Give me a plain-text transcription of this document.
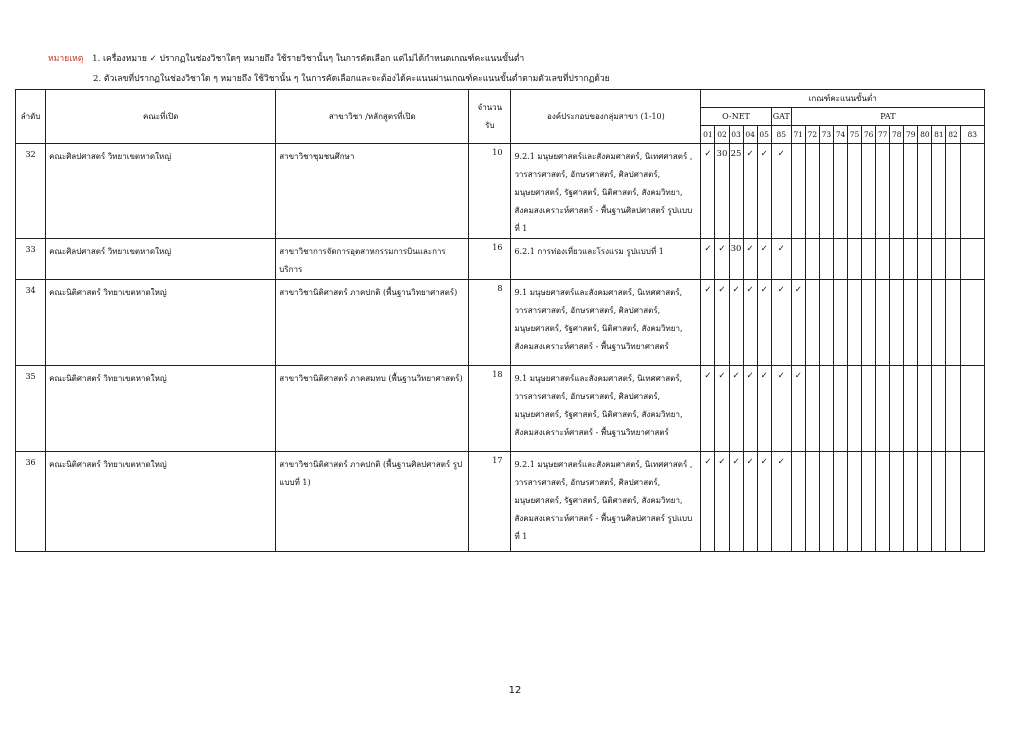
หมายเหตุ 1. เครื่องหมาย ✓ ปรากฏในช่องวิชาใดๆ หมายถึง ใช้รายวิชานั้นๆ ในการคัดเลือก แต่ไม่ได้กำหนดเกณฑ์คะแนนขั้นต่ำ
2. ตัวเลขที่ปรากฏในช่องวิชาใด ๆ หมายถึง ใช้วิชานั้น ๆ ในการคัดเลือกและจะต้องได้คะแนนผ่านเกณฑ์คะแนนขั้นต่ำตามตัวเลขที่ปรากฏด้วย
ลำดับ	คณะที่เปิด	สาขาวิชา /หลักสูตรที่เปิด	จำนวนรับ	องค์ประกอบของกลุ่มสาขา (1-10)	เกณฑ์คะแนนขั้นต่ำ																		
					O-NET					GAT	PAT												
					01	02	03	04	05	85	71	72	73	74	75	76	77	78	79	80	81	82	83
32	คณะศิลปศาสตร์ วิทยาเขตหาดใหญ่	สาขาวิชาชุมชนศึกษา	10	9.2.1 มนุษยศาสตร์และสังคมศาสตร์, นิเทศศาสตร์ , วารสารศาสตร์, อักษรศาสตร์, ศิลปศาสตร์, มนุษยศาสตร์, รัฐศาสตร์, นิติศาสตร์, สังคมวิทยา, สังคมสงเคราะห์ศาสตร์ - พื้นฐานศิลปศาสตร์ รูปแบบที่ 1	✓	30	25	✓	✓	✓													
33	คณะศิลปศาสตร์ วิทยาเขตหาดใหญ่	สาขาวิชาการจัดการอุตสาหกรรมการบินและการบริการ	16	6.2.1 การท่องเที่ยวและโรงแรม รูปแบบที่ 1	✓	✓	30	✓	✓	✓													
34	คณะนิติศาสตร์ วิทยาเขตหาดใหญ่	สาขาวิชานิติศาสตร์ ภาคปกติ (พื้นฐานวิทยาศาสตร์)	8	9.1 มนุษยศาสตร์และสังคมศาสตร์, นิเทศศาสตร์, วารสารศาสตร์, อักษรศาสตร์, ศิลปศาสตร์, มนุษยศาสตร์, รัฐศาสตร์, นิติศาสตร์, สังคมวิทยา, สังคมสงเคราะห์ศาสตร์ - พื้นฐานวิทยาศาสตร์	✓	✓	✓	✓	✓	✓	✓												
35	คณะนิติศาสตร์ วิทยาเขตหาดใหญ่	สาขาวิชานิติศาสตร์ ภาคสมทบ (พื้นฐานวิทยาศาสตร์)	18	9.1 มนุษยศาสตร์และสังคมศาสตร์, นิเทศศาสตร์, วารสารศาสตร์, อักษรศาสตร์, ศิลปศาสตร์, มนุษยศาสตร์, รัฐศาสตร์, นิติศาสตร์, สังคมวิทยา, สังคมสงเคราะห์ศาสตร์ - พื้นฐานวิทยาศาสตร์	✓	✓	✓	✓	✓	✓	✓												
36	คณะนิติศาสตร์ วิทยาเขตหาดใหญ่	สาขาวิชานิติศาสตร์ ภาคปกติ (พื้นฐานศิลปศาสตร์ รูปแบบที่ 1)	17	9.2.1 มนุษยศาสตร์และสังคมศาสตร์, นิเทศศาสตร์ , วารสารศาสตร์, อักษรศาสตร์, ศิลปศาสตร์, มนุษยศาสตร์, รัฐศาสตร์, นิติศาสตร์, สังคมวิทยา, สังคมสงเคราะห์ศาสตร์ - พื้นฐานศิลปศาสตร์ รูปแบบที่ 1	✓	✓	✓	✓	✓	✓													
12
